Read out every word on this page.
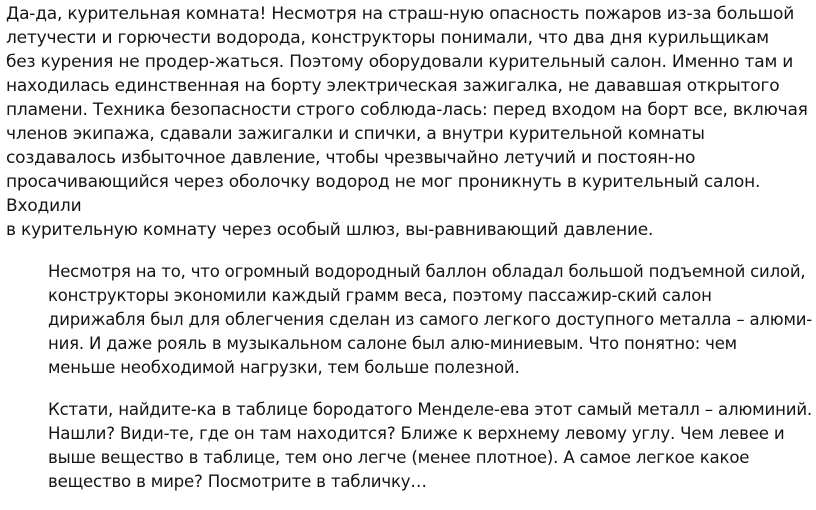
Да-да, курительная комната! Несмотря на страш-ную опасность пожаров из-за большой
летучести и горючести водорода, конструкторы понимали, что два дня курильщикам
без курения не продер-жаться. Поэтому оборудовали курительный салон. Именно там и
находилась единственная на борту электрическая зажигалка, не дававшая открытого
пламени. Техника безопасности строго соблюда-лась: перед входом на борт все, включая
членов экипажа, сдавали зажигалки и спички, а внутри курительной комнаты
создавалось избыточное давление, чтобы чрезвычайно летучий и постоян-но
просачивающийся через оболочку водород не мог проникнуть в курительный салон.
Входили
в курительную комнату через особый шлюз, вы-равнивающий давление.
Несмотря на то, что огромный водородный баллон обладал большой подъемной силой,
конструкторы экономили каждый грамм веса, поэтому пассажир-ский салон
дирижабля был для облегчения сделан из самого легкого доступного металла – алюми-
ния. И даже рояль в музыкальном салоне был алю-миниевым. Что понятно: чем
меньше необходимой нагрузки, тем больше полезной.
Кстати, найдите-ка в таблице бородатого Менделе-ева этот самый металл – алюминий.
Нашли? Види-те, где он там находится? Ближе к верхнему левому углу. Чем левее и
выше вещество в таблице, тем оно легче (менее плотное). А самое легкое какое
вещество в мире? Посмотрите в табличку…
